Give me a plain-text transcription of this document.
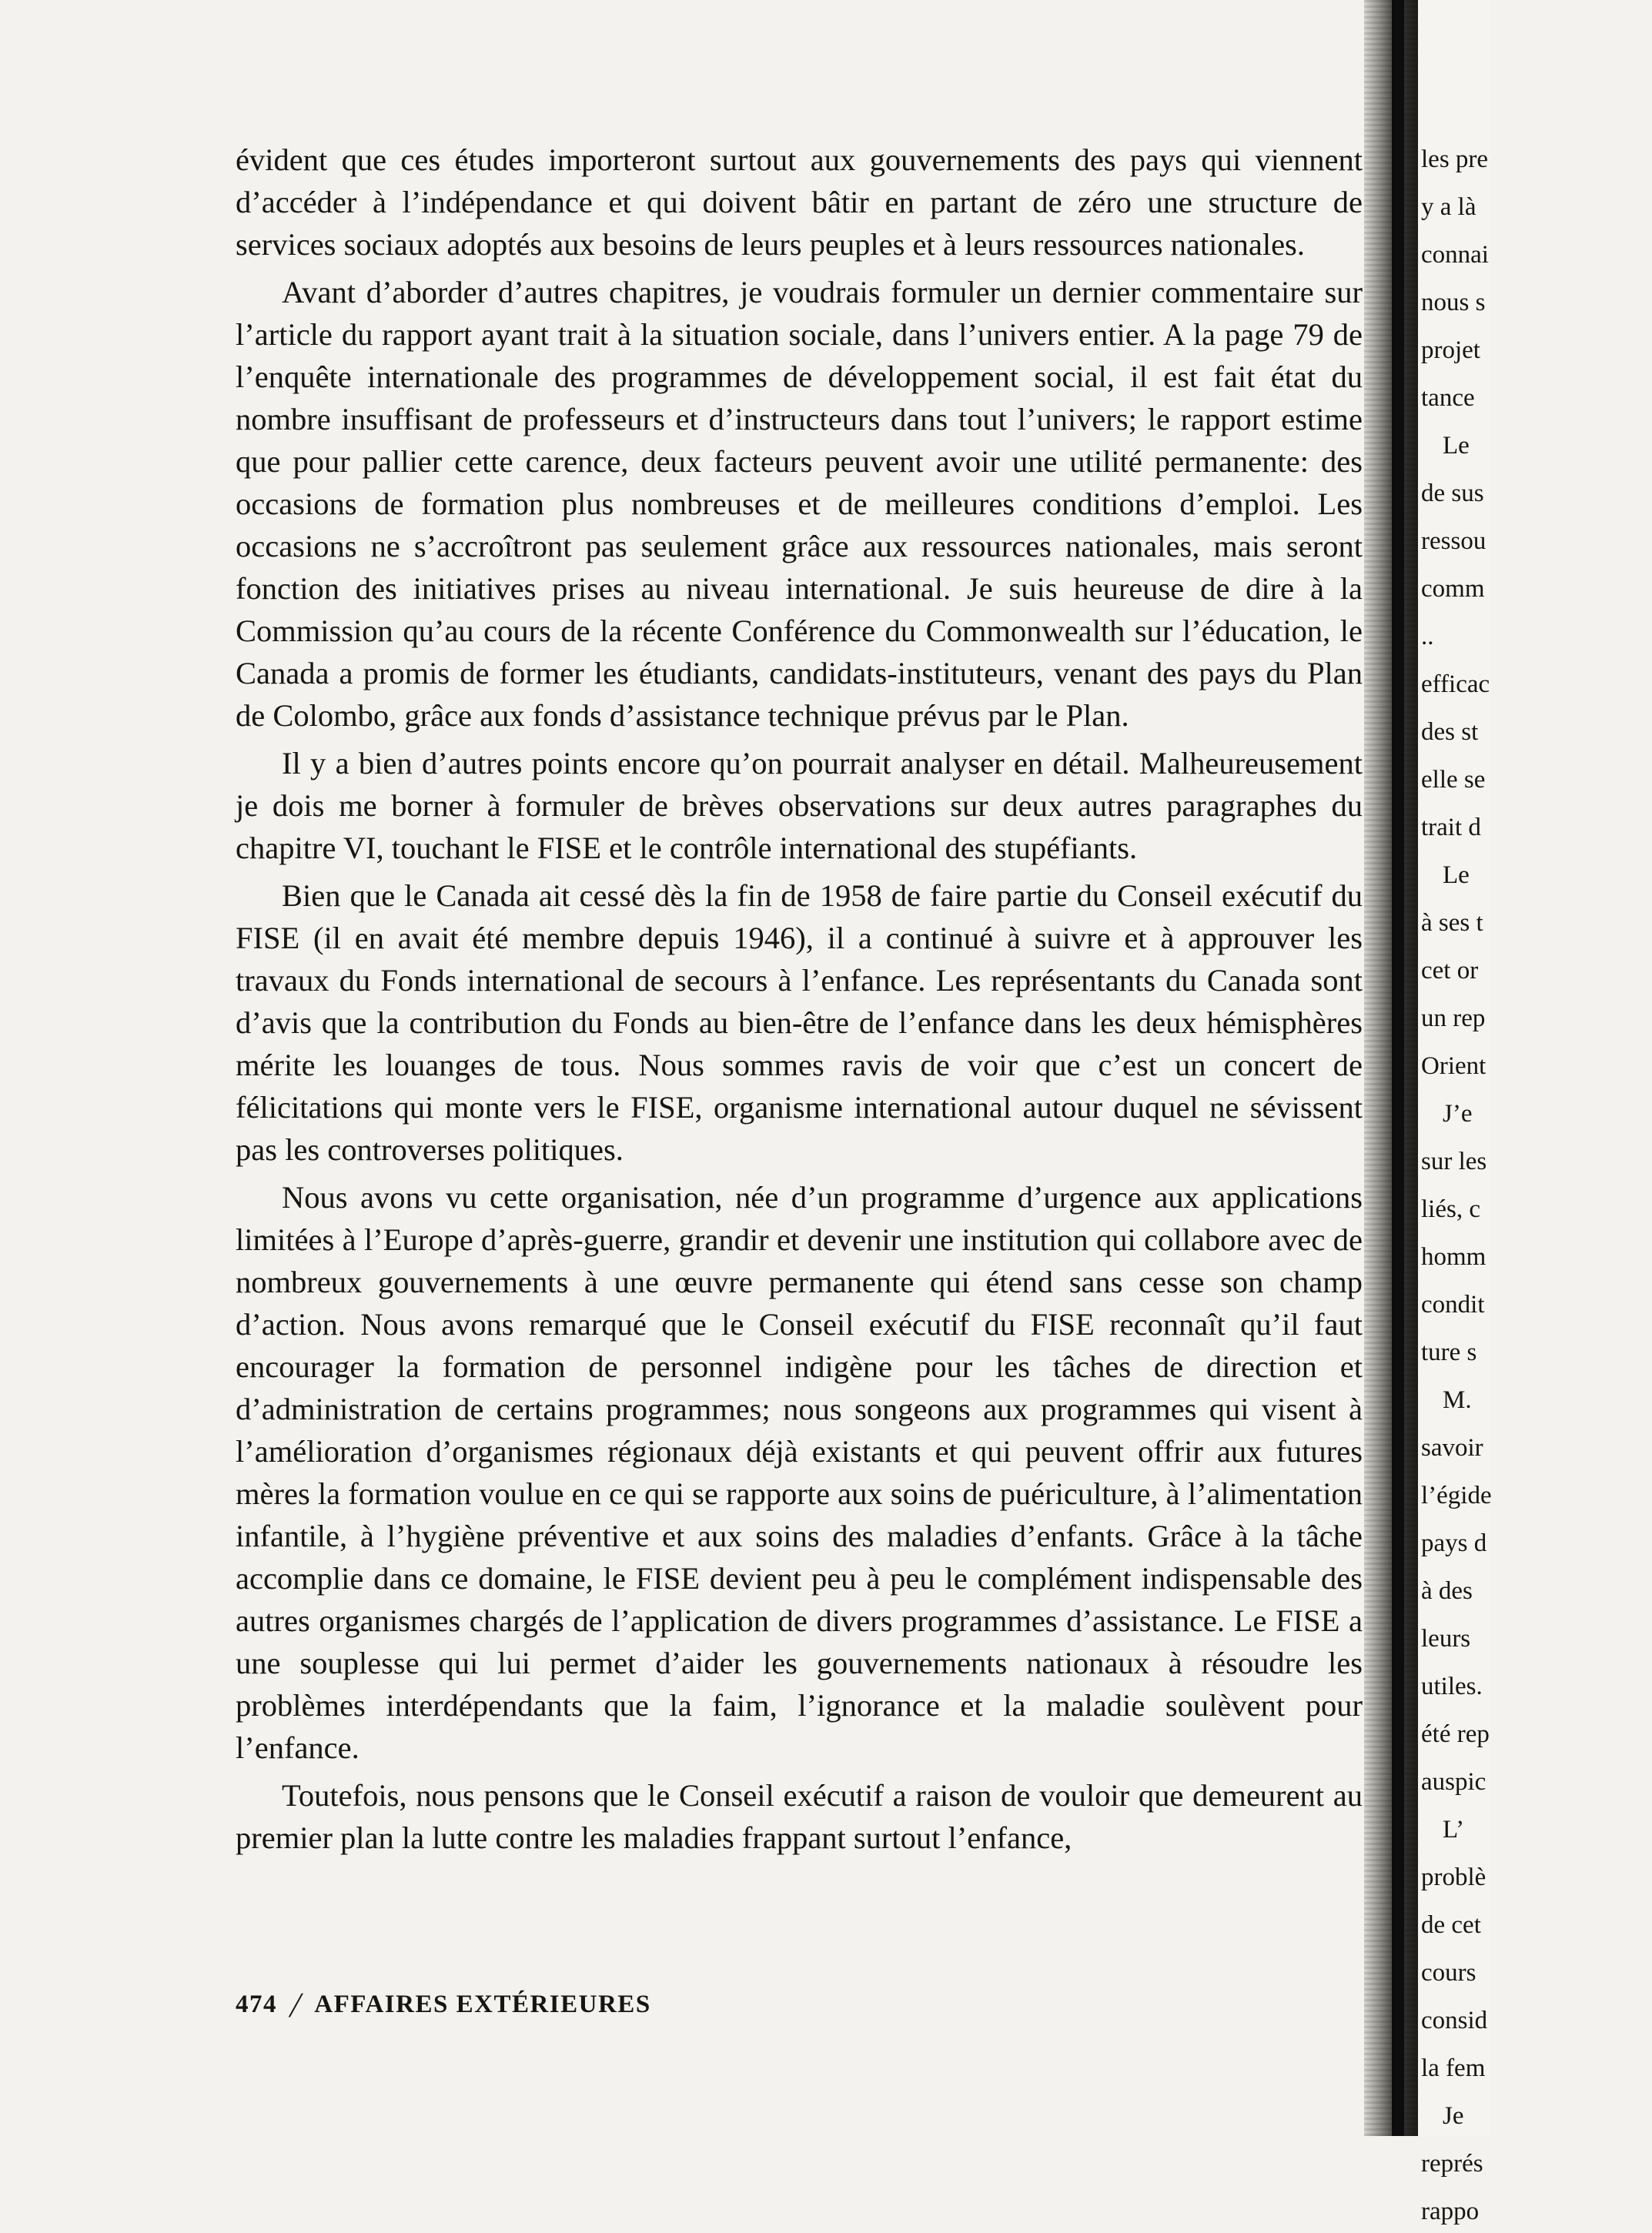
évident que ces études importeront surtout aux gouvernements des pays qui viennent d’accéder à l’indépendance et qui doivent bâtir en partant de zéro une structure de services sociaux adoptés aux besoins de leurs peuples et à leurs ressources nationales.

Avant d’aborder d’autres chapitres, je voudrais formuler un dernier commentaire sur l’article du rapport ayant trait à la situation sociale, dans l’univers entier. A la page 79 de l’enquête internationale des programmes de développement social, il est fait état du nombre insuffisant de professeurs et d’instructeurs dans tout l’univers; le rapport estime que pour pallier cette carence, deux facteurs peuvent avoir une utilité permanente: des occasions de formation plus nombreuses et de meilleures conditions d’emploi. Les occasions ne s’accroîtront pas seulement grâce aux ressources nationales, mais seront fonction des initiatives prises au niveau international. Je suis heureuse de dire à la Commission qu’au cours de la récente Conférence du Commonwealth sur l’éducation, le Canada a promis de former les étudiants, candidats-instituteurs, venant des pays du Plan de Colombo, grâce aux fonds d’assistance technique prévus par le Plan.

Il y a bien d’autres points encore qu’on pourrait analyser en détail. Malheureusement je dois me borner à formuler de brèves observations sur deux autres paragraphes du chapitre VI, touchant le FISE et le contrôle international des stupéfiants.

Bien que le Canada ait cessé dès la fin de 1958 de faire partie du Conseil exécutif du FISE (il en avait été membre depuis 1946), il a continué à suivre et à approuver les travaux du Fonds international de secours à l’enfance. Les représentants du Canada sont d’avis que la contribution du Fonds au bien-être de l’enfance dans les deux hémisphères mérite les louanges de tous. Nous sommes ravis de voir que c’est un concert de félicitations qui monte vers le FISE, organisme international autour duquel ne sévissent pas les controverses politiques.

Nous avons vu cette organisation, née d’un programme d’urgence aux applications limitées à l’Europe d’après-guerre, grandir et devenir une institution qui collabore avec de nombreux gouvernements à une œuvre permanente qui étend sans cesse son champ d’action. Nous avons remarqué que le Conseil exécutif du FISE reconnaît qu’il faut encourager la formation de personnel indigène pour les tâches de direction et d’administration de certains programmes; nous songeons aux programmes qui visent à l’amélioration d’organismes régionaux déjà existants et qui peuvent offrir aux futures mères la formation voulue en ce qui se rapporte aux soins de puériculture, à l’alimentation infantile, à l’hygiène préventive et aux soins des maladies d’enfants. Grâce à la tâche accomplie dans ce domaine, le FISE devient peu à peu le complément indispensable des autres organismes chargés de l’application de divers programmes d’assistance. Le FISE a une souplesse qui lui permet d’aider les gouvernements nationaux à résoudre les problèmes interdépendants que la faim, l’ignorance et la maladie soulèvent pour l’enfance.

Toutefois, nous pensons que le Conseil exécutif a raison de vouloir que demeurent au premier plan la lutte contre les maladies frappant surtout l’enfance,

474 / AFFAIRES EXTÉRIEURES
les pre
y a là
connai
nous s
projet
tance
Le
de sus
ressou
comm
..
efficac
des st
elle se
trait d
Le
à ses t
cet or
un rep
Orient
J’e
sur les
liés, c
homm
condit
ture s
M.
savoir
l’égide
pays d
à des
leurs
utiles.
été rep
auspic
L’
problè
de cet
cours
consid
la fem
Je
représ
rappo
